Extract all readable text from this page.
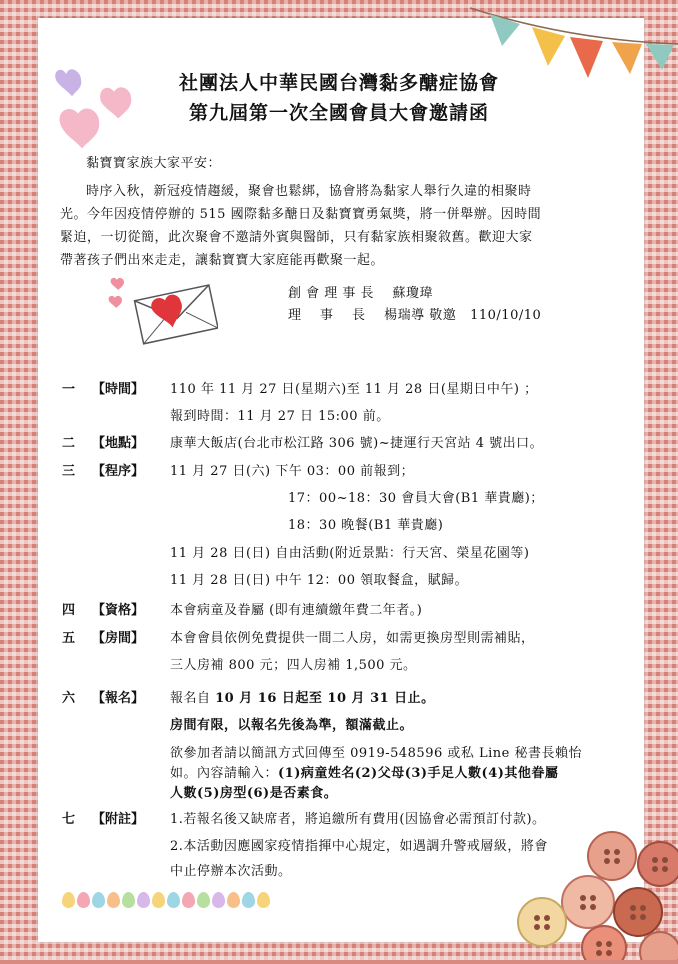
社團法人中華民國台灣黏多醣症協會
第九屆第一次全國會員大會邀請函
黏寶寶家族大家平安：
時序入秋，新冠疫情趨緩，聚會也鬆綁，協會將為黏家人舉行久違的相聚時
光。今年因疫情停辦的 515 國際黏多醣日及黏寶寶勇氣獎，將一併舉辦。因時間
緊迫，一切從簡，此次聚會不邀請外賓與醫師，只有黏家族相聚敘舊。歡迎大家
帶著孩子們出來走走，讓黏寶寶大家庭能再歡聚一起。
創 會 理 事 長    蘇瓊瑋
理    事    長    楊瑞導 敬邀   110/10/10
一 【時間】 110 年 11 月 27 日(星期六)至 11 月 28 日(星期日中午) ；
報到時間：11 月 27 日 15:00 前。
二 【地點】 康華大飯店(台北市松江路 306 號)~捷運行天宮站 4 號出口。
三 【程序】 11 月 27 日(六) 下午 03：00 前報到；
17：00~18：30 會員大會(B1 華貴廳)；
18：30 晚餐(B1 華貴廳)
11 月 28 日(日) 自由活動(附近景點：行天宮、榮星花園等)
11 月 28 日(日) 中午 12：00 領取餐盒，賦歸。
四 【資格】 本會病童及眷屬 (即有連續繳年費二年者。)
五 【房間】 本會會員依例免費提供一間二人房，如需更換房型則需補貼，
三人房補 800 元；四人房補 1,500 元。
六 【報名】 報名自 10 月 16 日起至 10 月 31 日止。
房間有限，以報名先後為準，額滿截止。
欲參加者請以簡訊方式回傳至 0919-548596 或私 Line 秘書長賴怡
如。內容請輸入：(1)病童姓名(2)父母(3)手足人數(4)其他眷屬
人數(5)房型(6)是否素食。
七 【附註】 1.若報名後又缺席者，將追繳所有費用(因協會必需預訂付款)。
2.本活動因應國家疫情指揮中心規定，如遇調升警戒層級，將會
中止停辦本次活動。
